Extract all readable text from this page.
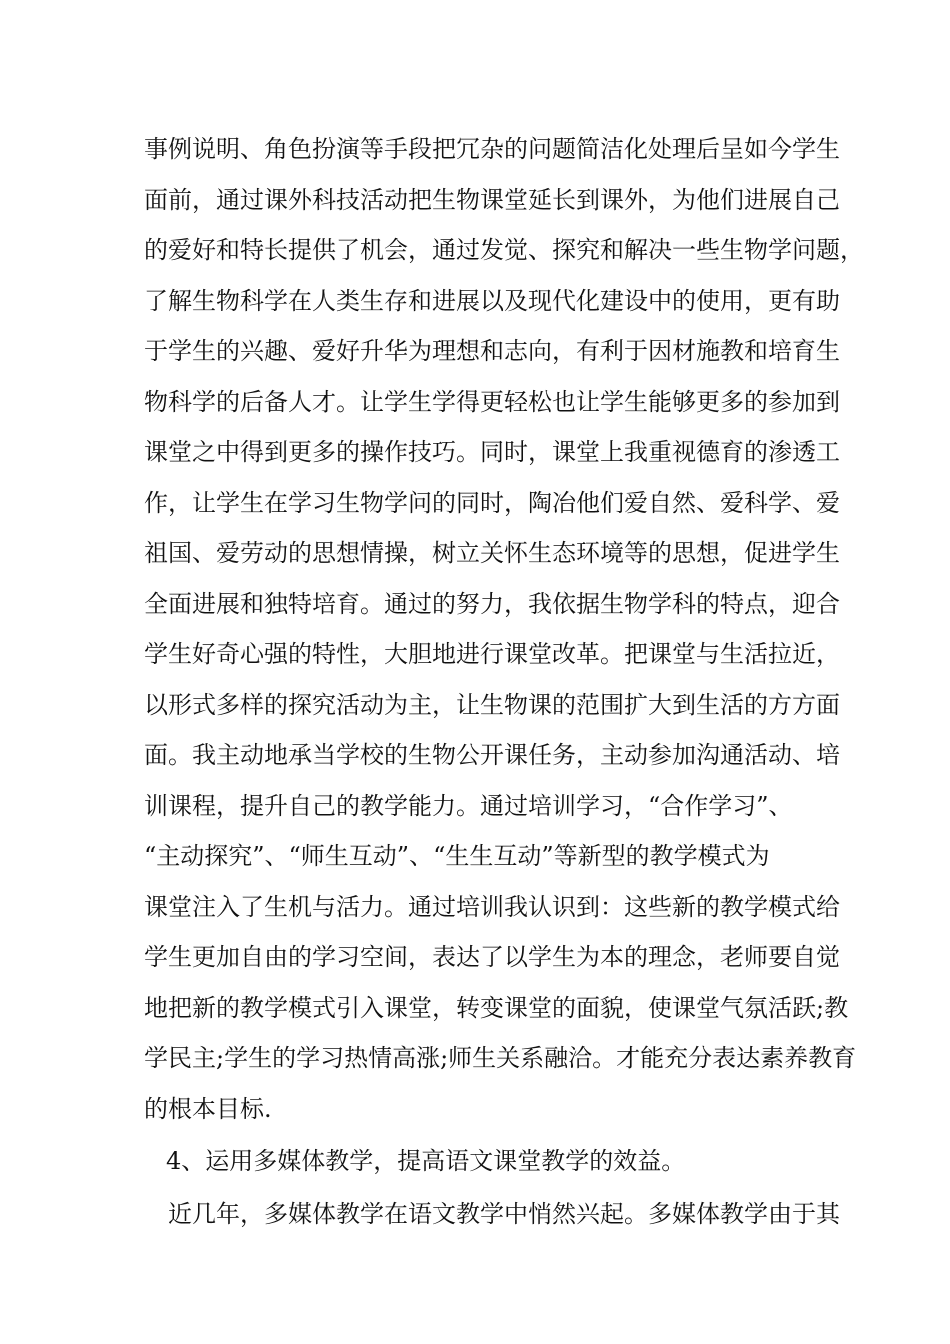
事例说明、角色扮演等手段把冗杂的问题简洁化处理后呈如今学生
面前，通过课外科技活动把生物课堂延长到课外，为他们进展自己
的爱好和特长提供了机会，通过发觉、探究和解决一些生物学问题，
了解生物科学在人类生存和进展以及现代化建设中的使用，更有助
于学生的兴趣、爱好升华为理想和志向，有利于因材施教和培育生
物科学的后备人才。让学生学得更轻松也让学生能够更多的参加到
课堂之中得到更多的操作技巧。同时，课堂上我重视德育的渗透工
作，让学生在学习生物学问的同时，陶冶他们爱自然、爱科学、爱
祖国、爱劳动的思想情操，树立关怀生态环境等的思想，促进学生
全面进展和独特培育。通过的努力，我依据生物学科的特点，迎合
学生好奇心强的特性，大胆地进行课堂改革。把课堂与生活拉近，
以形式多样的探究活动为主，让生物课的范围扩大到生活的方方面
面。我主动地承当学校的生物公开课任务，主动参加沟通活动、培
训课程，提升自己的教学能力。通过培训学习，“合作学习”、
“主动探究”、“师生互动”、“生生互动”等新型的教学模式为
课堂注入了生机与活力。通过培训我认识到：这些新的教学模式给
学生更加自由的学习空间，表达了以学生为本的理念，老师要自觉
地把新的教学模式引入课堂，转变课堂的面貌，使课堂气氛活跃;教
学民主;学生的学习热情高涨;师生关系融洽。才能充分表达素养教育
的根本目标.
4、运用多媒体教学，提高语文课堂教学的效益。
近几年，多媒体教学在语文教学中悄然兴起。多媒体教学由于其
